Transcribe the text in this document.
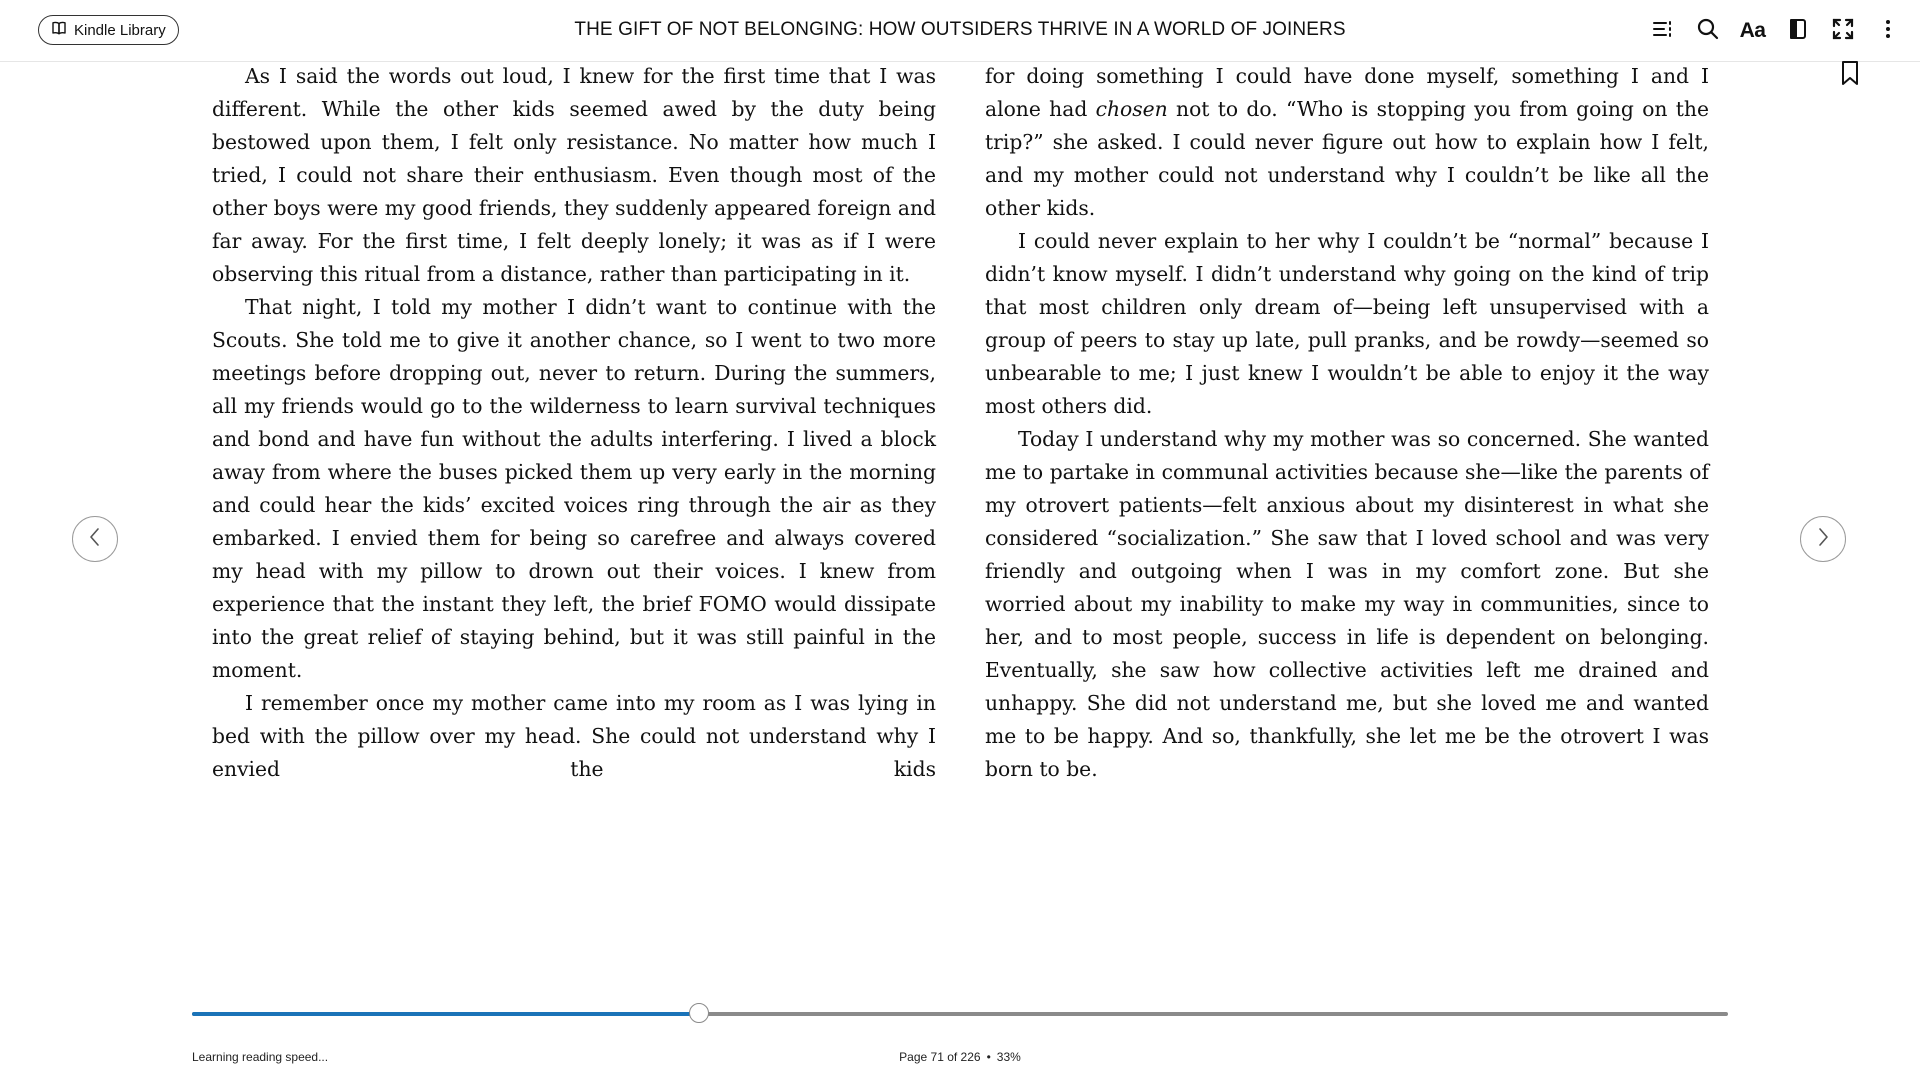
Kindle Library	THE GIFT OF NOT BELONGING: HOW OUTSIDERS THRIVE IN A WORLD OF JOINERS	Aa

As I said the words out loud, I knew for the first time that I was different. While the other kids seemed awed by the duty being bestowed upon them, I felt only resistance. No matter how much I tried, I could not share their enthusiasm. Even though most of the other boys were my good friends, they suddenly appeared foreign and far away. For the first time, I felt deeply lonely; it was as if I were observing this ritual from a distance, rather than participating in it.

That night, I told my mother I didn’t want to continue with the Scouts. She told me to give it another chance, so I went to two more meetings before dropping out, never to return. During the summers, all my friends would go to the wilderness to learn survival techniques and bond and have fun without the adults interfering. I lived a block away from where the buses picked them up very early in the morning and could hear the kids’ excited voices ring through the air as they embarked. I envied them for being so carefree and always covered my head with my pillow to drown out their voices. I knew from experience that the instant they left, the brief FOMO would dissipate into the great relief of staying behind, but it was still painful in the moment.

I remember once my mother came into my room as I was lying in bed with the pillow over my head. She could not understand why I envied the kids

for doing something I could have done myself, something I and I alone had chosen not to do. “Who is stopping you from going on the trip?” she asked. I could never figure out how to explain how I felt, and my mother could not understand why I couldn’t be like all the other kids.

I could never explain to her why I couldn’t be “normal” because I didn’t know myself. I didn’t understand why going on the kind of trip that most children only dream of—being left unsupervised with a group of peers to stay up late, pull pranks, and be rowdy—seemed so unbearable to me; I just knew I wouldn’t be able to enjoy it the way most others did.

Today I understand why my mother was so concerned. She wanted me to partake in communal activities because she—like the parents of my otrovert patients—felt anxious about my disinterest in what she considered “socialization.” She saw that I loved school and was very friendly and outgoing when I was in my comfort zone. But she worried about my inability to make my way in communities, since to her, and to most people, success in life is dependent on belonging. Eventually, she saw how collective activities left me drained and unhappy. She did not understand me, but she loved me and wanted me to be happy. And so, thankfully, she let me be the otrovert I was born to be.

Learning reading speed...	Page 71 of 226 • 33%
